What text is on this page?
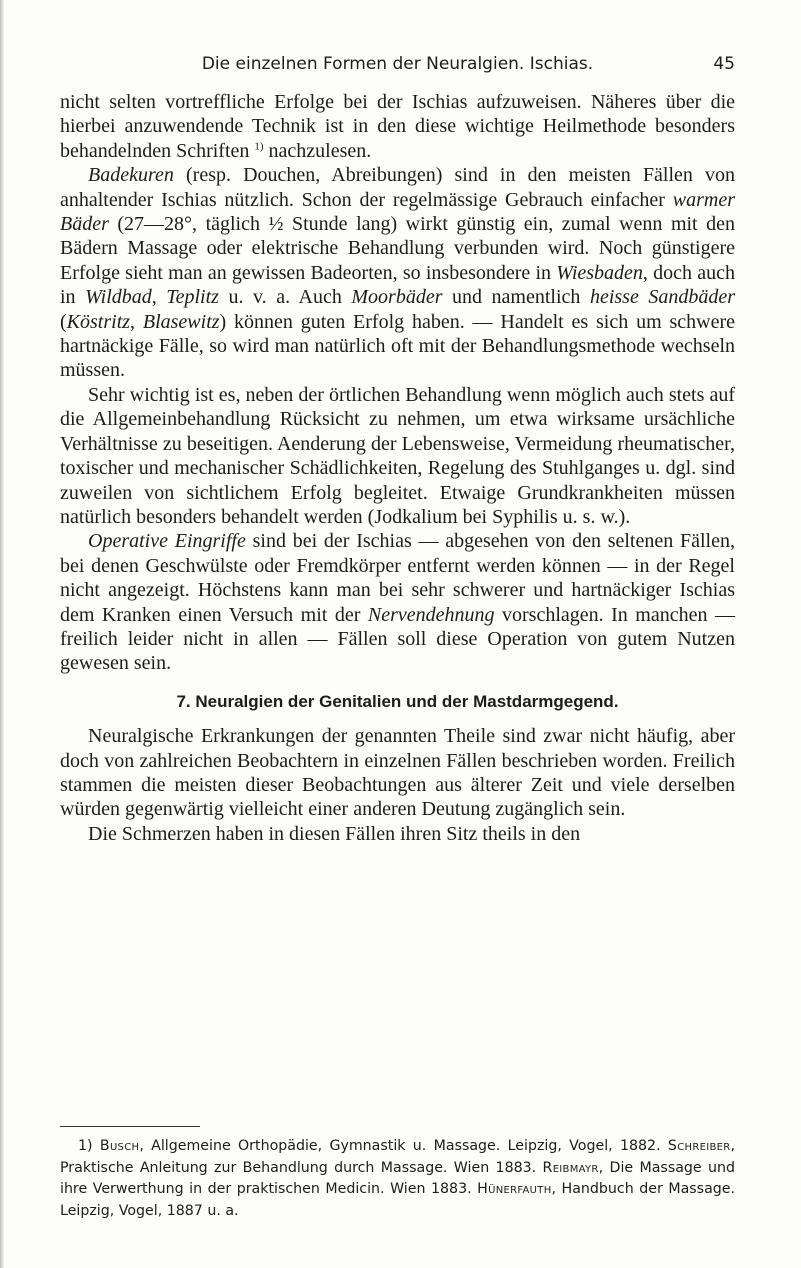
Die einzelnen Formen der Neuralgien. Ischias.	45

nicht selten vortreffliche Erfolge bei der Ischias aufzuweisen. Näheres über die hierbei anzuwendende Technik ist in den diese wichtige Heilmethode besonders behandelnden Schriften $^{1)}$ nachzulesen.

Badekuren (resp. Douchen, Abreibungen) sind in den meisten Fällen von anhaltender Ischias nützlich. Schon der regelmässige Gebrauch einfacher warmer Bäder (27—28°, täglich ½ Stunde lang) wirkt günstig ein, zumal wenn mit den Bädern Massage oder elektrische Behandlung verbunden wird. Noch günstigere Erfolge sieht man an gewissen Badeorten, so insbesondere in Wiesbaden, doch auch in Wildbad, Teplitz u. v. a. Auch Moorbäder und namentlich heisse Sandbäder (Köstritz, Blasewitz) können guten Erfolg haben. — Handelt es sich um schwere hartnäckige Fälle, so wird man natürlich oft mit der Behandlungsmethode wechseln müssen.

Sehr wichtig ist es, neben der örtlichen Behandlung wenn möglich auch stets auf die Allgemeinbehandlung Rücksicht zu nehmen, um etwa wirksame ursächliche Verhältnisse zu beseitigen. Aenderung der Lebensweise, Vermeidung rheumatischer, toxischer und mechanischer Schädlichkeiten, Regelung des Stuhlganges u. dgl. sind zuweilen von sichtlichem Erfolg begleitet. Etwaige Grundkrankheiten müssen natürlich besonders behandelt werden (Jodkalium bei Syphilis u. s. w.).

Operative Eingriffe sind bei der Ischias — abgesehen von den seltenen Fällen, bei denen Geschwülste oder Fremdkörper entfernt werden können — in der Regel nicht angezeigt. Höchstens kann man bei sehr schwerer und hartnäckiger Ischias dem Kranken einen Versuch mit der Nervendehnung vorschlagen. In manchen — freilich leider nicht in allen — Fällen soll diese Operation von gutem Nutzen gewesen sein.

7. Neuralgien der Genitalien und der Mastdarmgegend.

Neuralgische Erkrankungen der genannten Theile sind zwar nicht häufig, aber doch von zahlreichen Beobachtern in einzelnen Fällen beschrieben worden. Freilich stammen die meisten dieser Beobachtungen aus älterer Zeit und viele derselben würden gegenwärtig vielleicht einer anderen Deutung zugänglich sein.

Die Schmerzen haben in diesen Fällen ihren Sitz theils in den

1) Busch, Allgemeine Orthopädie, Gymnastik u. Massage. Leipzig, Vogel, 1882. Schreiber, Praktische Anleitung zur Behandlung durch Massage. Wien 1883. Reibmayr, Die Massage und ihre Verwerthung in der praktischen Medicin. Wien 1883. Hünerfauth, Handbuch der Massage. Leipzig, Vogel, 1887 u. a.
